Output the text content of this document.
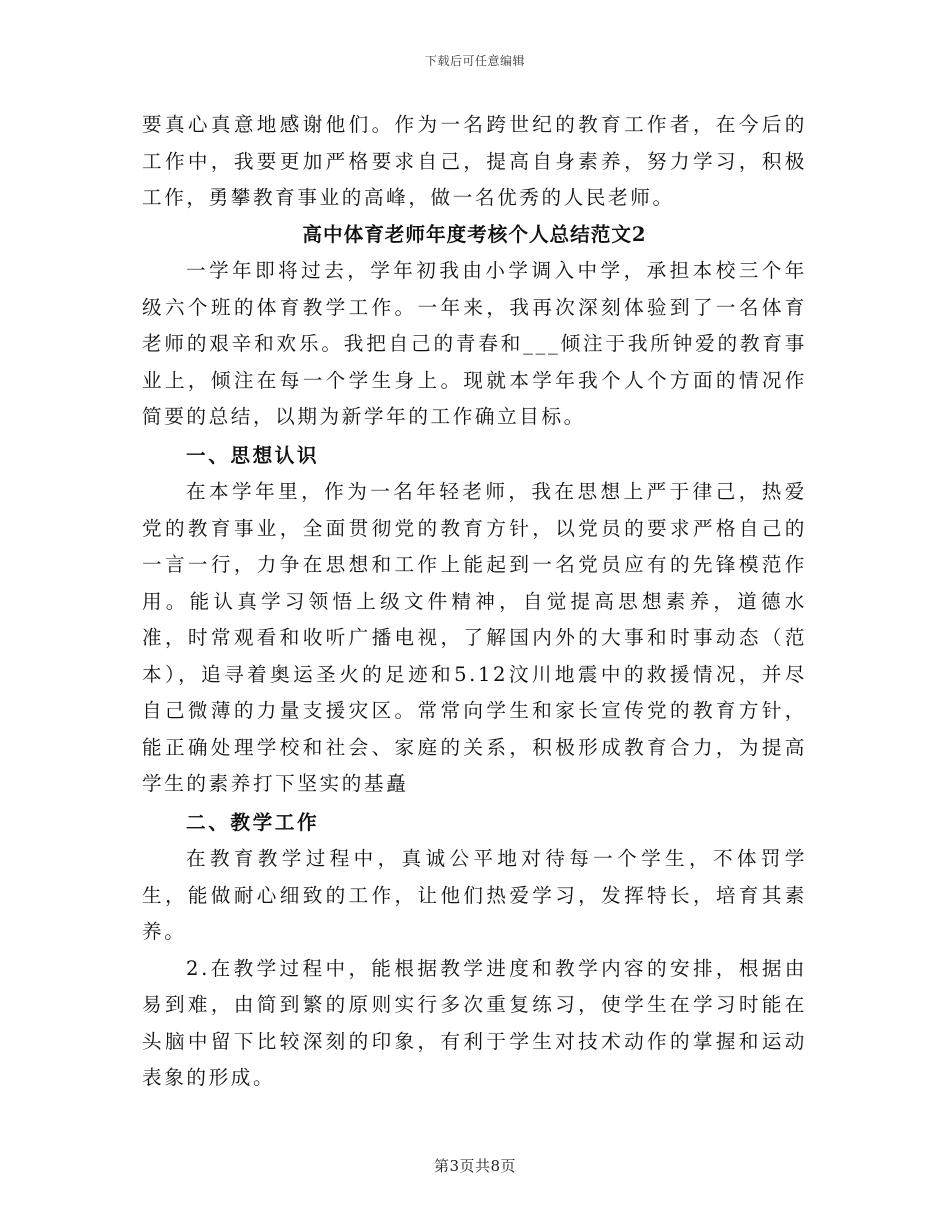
下载后可任意编辑

要真心真意地感谢他们。作为一名跨世纪的教育工作者，在今后的工作中，我要更加严格要求自己，提高自身素养，努力学习，积极工作，勇攀教育事业的高峰，做一名优秀的人民老师。

高中体育老师年度考核个人总结范文2

一学年即将过去，学年初我由小学调入中学，承担本校三个年级六个班的体育教学工作。一年来，我再次深刻体验到了一名体育老师的艰辛和欢乐。我把自己的青春和___倾注于我所钟爱的教育事业上，倾注在每一个学生身上。现就本学年我个人个方面的情况作简要的总结，以期为新学年的工作确立目标。

一、思想认识

在本学年里，作为一名年轻老师，我在思想上严于律己，热爱党的教育事业，全面贯彻党的教育方针，以党员的要求严格自己的一言一行，力争在思想和工作上能起到一名党员应有的先锋模范作用。能认真学习领悟上级文件精神，自觉提高思想素养，道德水准，时常观看和收听广播电视，了解国内外的大事和时事动态（范本），追寻着奥运圣火的足迹和5.12汶川地震中的救援情况，并尽自己微薄的力量支援灾区。常常向学生和家长宣传党的教育方针，能正确处理学校和社会、家庭的关系，积极形成教育合力，为提高学生的素养打下坚实的基矗

二、教学工作

在教育教学过程中，真诚公平地对待每一个学生，不体罚学生，能做耐心细致的工作，让他们热爱学习，发挥特长，培育其素养。

2.在教学过程中，能根据教学进度和教学内容的安排，根据由易到难，由简到繁的原则实行多次重复练习，使学生在学习时能在头脑中留下比较深刻的印象，有利于学生对技术动作的掌握和运动表象的形成。

第3页共8页
